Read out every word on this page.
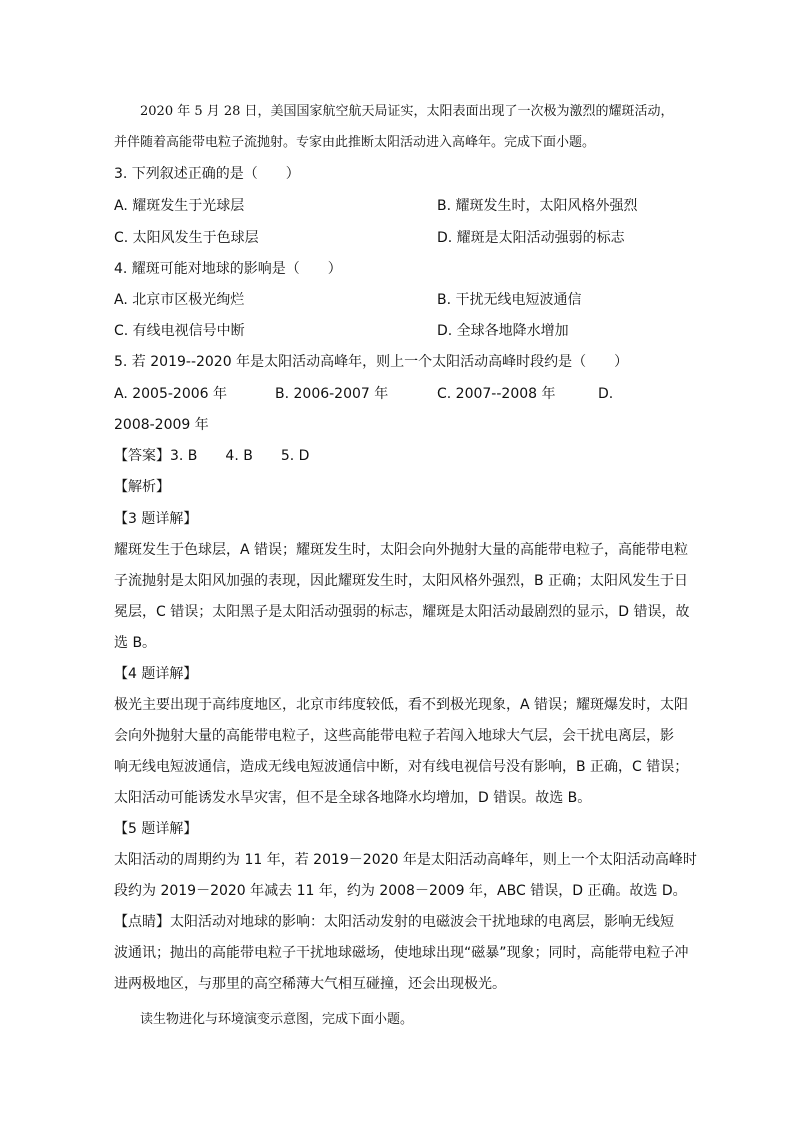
2020 年 5 月 28 日，美国国家航空航天局证实，太阳表面出现了一次极为激烈的耀斑活动，
并伴随着高能带电粒子流抛射。专家由此推断太阳活动进入高峰年。完成下面小题。
3. 下列叙述正确的是（　　）
A. 耀斑发生于光球层	B. 耀斑发生时，太阳风格外强烈
C. 太阳风发生于色球层	D. 耀斑是太阳活动强弱的标志
4. 耀斑可能对地球的影响是（　　）
A. 北京市区极光绚烂	B. 干扰无线电短波通信
C. 有线电视信号中断	D. 全球各地降水增加
5. 若 2019--2020 年是太阳活动高峰年，则上一个太阳活动高峰时段约是（　　）
A. 2005-2006 年	B. 2006-2007 年	C. 2007--2008 年	D.
2008-2009 年
【答案】3. B　　4. B　　5. D
【解析】
【3 题详解】
耀斑发生于色球层，A 错误；耀斑发生时，太阳会向外抛射大量的高能带电粒子，高能带电粒
子流抛射是太阳风加强的表现，因此耀斑发生时，太阳风格外强烈，B 正确；太阳风发生于日
冕层，C 错误；太阳黑子是太阳活动强弱的标志，耀斑是太阳活动最剧烈的显示，D 错误，故
选 B。
【4 题详解】
极光主要出现于高纬度地区，北京市纬度较低，看不到极光现象，A 错误；耀斑爆发时，太阳
会向外抛射大量的高能带电粒子，这些高能带电粒子若闯入地球大气层，会干扰电离层，影
响无线电短波通信，造成无线电短波通信中断，对有线电视信号没有影响，B 正确，C 错误；
太阳活动可能诱发水旱灾害，但不是全球各地降水均增加，D 错误。故选 B。
【5 题详解】
太阳活动的周期约为 11 年，若 2019－2020 年是太阳活动高峰年，则上一个太阳活动高峰时
段约为 2019－2020 年减去 11 年，约为 2008－2009 年，ABC 错误，D 正确。故选 D。
【点睛】太阳活动对地球的影响：太阳活动发射的电磁波会干扰地球的电离层，影响无线短
波通讯；抛出的高能带电粒子干扰地球磁场，使地球出现“磁暴”现象；同时，高能带电粒子冲
进两极地区，与那里的高空稀薄大气相互碰撞，还会出现极光。
读生物进化与环境演变示意图，完成下面小题。
